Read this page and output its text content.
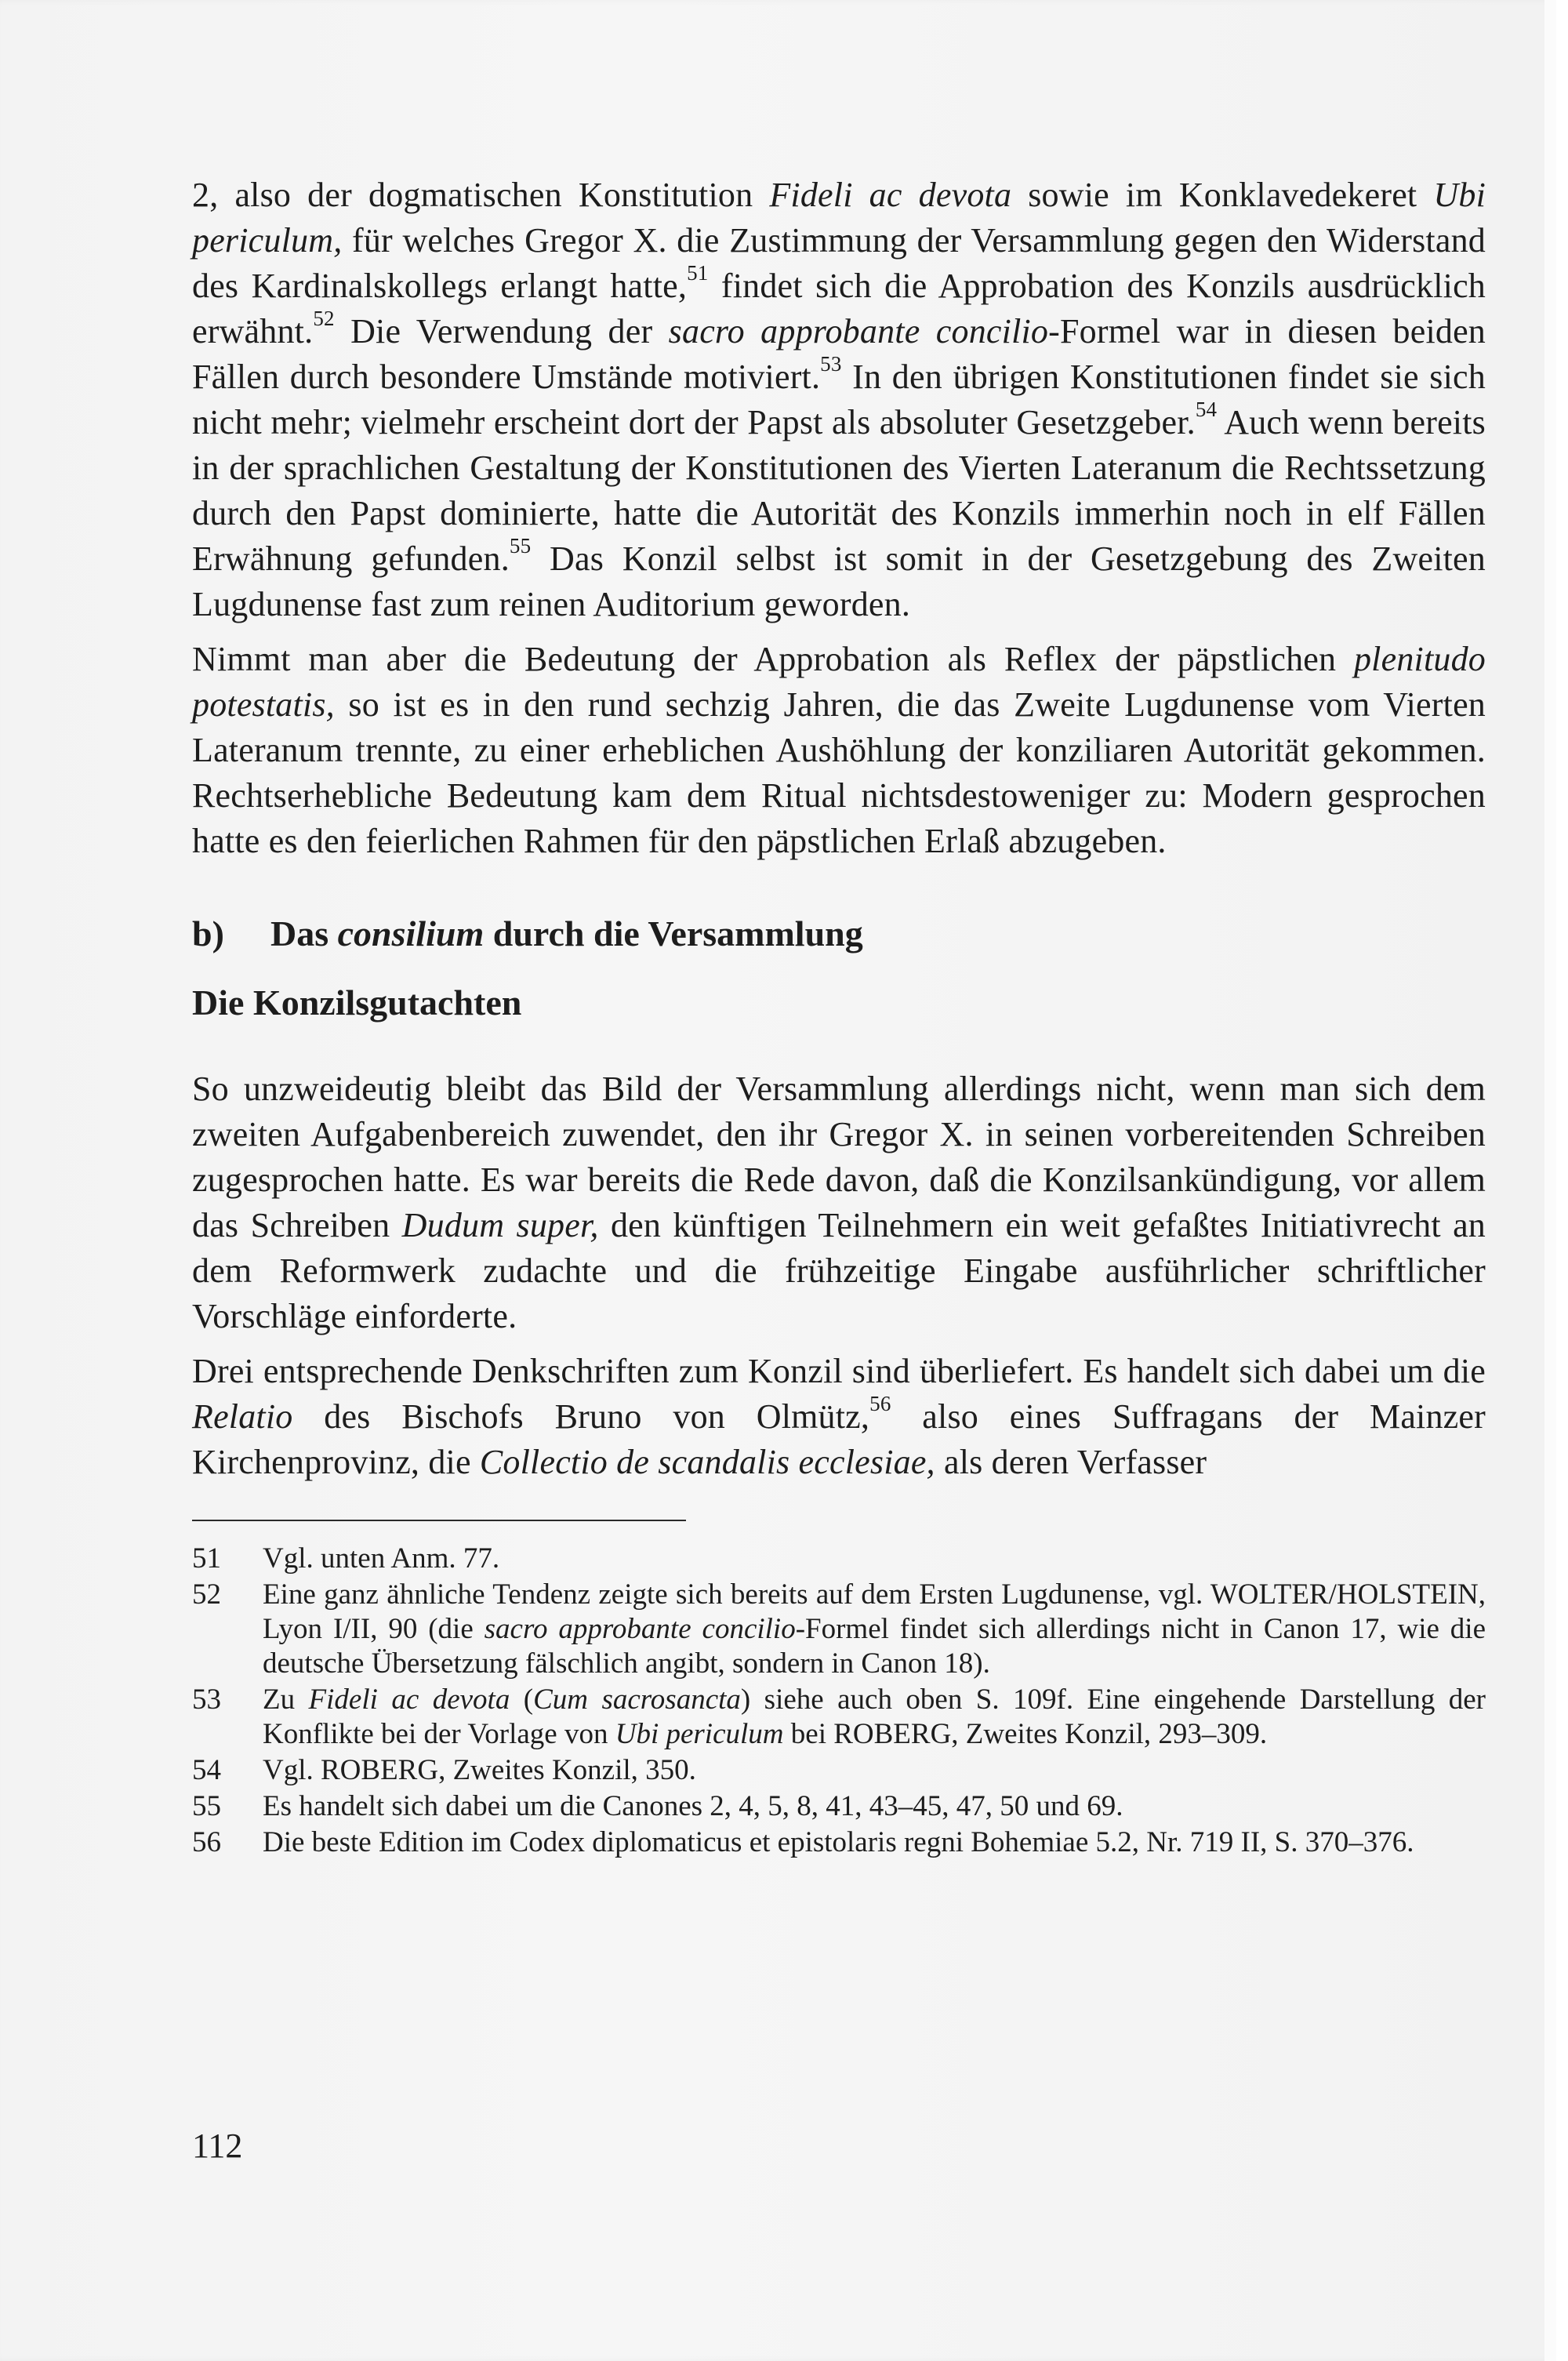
2, also der dogmatischen Konstitution Fideli ac devota sowie im Konklavedekeret Ubi periculum, für welches Gregor X. die Zustimmung der Versammlung gegen den Widerstand des Kardinalskollegs erlangt hatte,$^{51}$ findet sich die Approbation des Konzils ausdrücklich erwähnt.$^{52}$ Die Verwendung der sacro approbante concilio-Formel war in diesen beiden Fällen durch besondere Umstände motiviert.$^{53}$ In den übrigen Konstitutionen findet sie sich nicht mehr; vielmehr erscheint dort der Papst als absoluter Gesetzgeber.$^{54}$ Auch wenn bereits in der sprachlichen Gestaltung der Konstitutionen des Vierten Lateranum die Rechtssetzung durch den Papst dominierte, hatte die Autorität des Konzils immerhin noch in elf Fällen Erwähnung gefunden.$^{55}$ Das Konzil selbst ist somit in der Gesetzgebung des Zweiten Lugdunense fast zum reinen Auditorium geworden.
Nimmt man aber die Bedeutung der Approbation als Reflex der päpstlichen plenitudo potestatis, so ist es in den rund sechzig Jahren, die das Zweite Lugdunense vom Vierten Lateranum trennte, zu einer erheblichen Aushöhlung der konziliaren Autorität gekommen. Rechtserhebliche Bedeutung kam dem Ritual nichtsdestoweniger zu: Modern gesprochen hatte es den feierlichen Rahmen für den päpstlichen Erlaß abzugeben.
b) Das consilium durch die Versammlung
Die Konzilsgutachten
So unzweideutig bleibt das Bild der Versammlung allerdings nicht, wenn man sich dem zweiten Aufgabenbereich zuwendet, den ihr Gregor X. in seinen vorbereitenden Schreiben zugesprochen hatte. Es war bereits die Rede davon, daß die Konzilsankündigung, vor allem das Schreiben Dudum super, den künftigen Teilnehmern ein weit gefaßtes Initiativrecht an dem Reformwerk zudachte und die frühzeitige Eingabe ausführlicher schriftlicher Vorschläge einforderte.
Drei entsprechende Denkschriften zum Konzil sind überliefert. Es handelt sich dabei um die Relatio des Bischofs Bruno von Olmütz,$^{56}$ also eines Suffragans der Mainzer Kirchenprovinz, die Collectio de scandalis ecclesiae, als deren Verfasser
51	Vgl. unten Anm. 77.
52	Eine ganz ähnliche Tendenz zeigte sich bereits auf dem Ersten Lugdunense, vgl. WOLTER/HOLSTEIN, Lyon I/II, 90 (die sacro approbante concilio-Formel findet sich allerdings nicht in Canon 17, wie die deutsche Übersetzung fälschlich angibt, sondern in Canon 18).
53	Zu Fideli ac devota (Cum sacrosancta) siehe auch oben S. 109f. Eine eingehende Darstellung der Konflikte bei der Vorlage von Ubi periculum bei ROBERG, Zweites Konzil, 293–309.
54	Vgl. ROBERG, Zweites Konzil, 350.
55	Es handelt sich dabei um die Canones 2, 4, 5, 8, 41, 43–45, 47, 50 und 69.
56	Die beste Edition im Codex diplomaticus et epistolaris regni Bohemiae 5.2, Nr. 719 II, S. 370–376.
112
